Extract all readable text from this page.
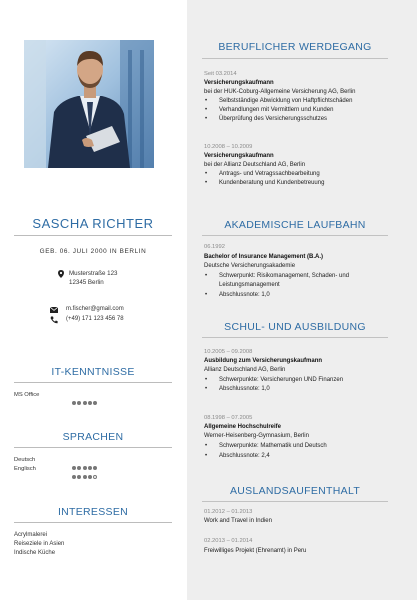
SASCHA RICHTER
GEB. 06. JULI 2000 IN BERLIN
Musterstraße 123
12345 Berlin
m.fischer@gmail.com
(+49) 171 123 456 78
IT-KENNTNISSE
MS Office
SPRACHEN
Deutsch
Englisch
INTERESSEN
Acrylmalerei
Reiseziele in Asien
Indische Küche
BERUFLICHER WERDEGANG
Seit 03.2014
Versicherungskaufmann
bei der HUK-Coburg-Allgemeine Versicherung AG, Berlin
• Selbstständige Abwicklung von Haftpflichtschäden
• Verhandlungen mit Vermittlern und Kunden
• Überprüfung des Versicherungsschutzes
10.2008 – 10.2009
Versicherungskaufmann
bei der Allianz Deutschland AG, Berlin
• Antrags- und Vetragssachbearbeitung
• Kundenberatung und Kundenbetreuung
AKADEMISCHE LAUFBAHN
06.1992
Bachelor of Insurance Management (B.A.)
Deutsche Versicherungsakademie
• Schwerpunkt: Risikomanagement, Schaden- und
Leistungsmanagement
• Abschlussnote: 1,0
SCHUL- UND AUSBILDUNG
10.2005 – 09.2008
Ausbildung zum Versicherungskaufmann
Allianz Deutschland AG, Berlin
• Schwerpunkte: Versicherungen UND Finanzen
• Abschlussnote: 1,0
08.1998 – 07.2005
Allgemeine Hochschulreife
Werner-Heisenberg-Gymnasium, Berlin
• Schwerpunkte: Mathematik und Deutsch
• Abschlussnote: 2,4
AUSLANDSAUFENTHALT
01.2012 – 01.2013
Work and Travel in Indien
02.2013 – 01.2014
Freiwilliges Projekt (Ehrenamt) in Peru
